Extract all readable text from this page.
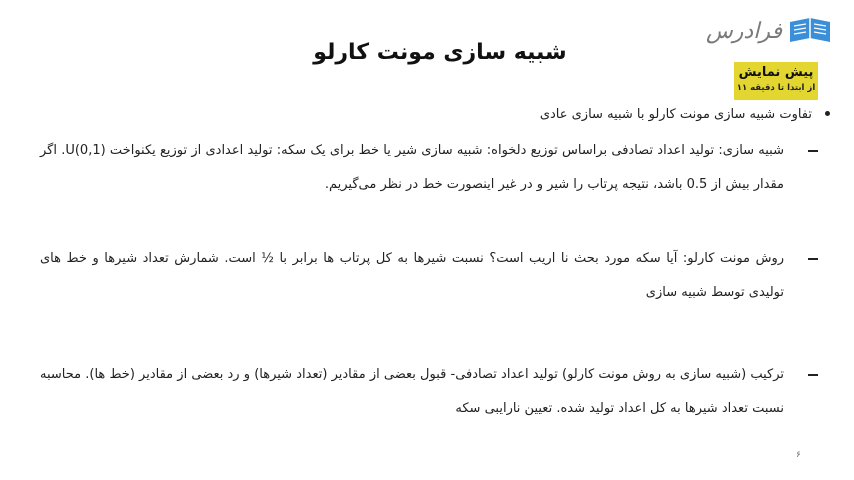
فرادرس
پیش نمایش
از ابتدا تا دقیقه ۱۱
شبیه سازی مونت کارلو
تفاوت شبیه سازی مونت کارلو با شبیه سازی عادی
شبیه سازی: تولید اعداد تصادفی براساس توزیع دلخواه: شبیه سازی شیر یا خط برای یک سکه: تولید اعدادی از توزیع یکنواخت U(0,1). اگر مقدار بیش از 0.5 باشد، نتیجه پرتاب را شیر و در غیر اینصورت خط در نظر می‌گیریم.
روش مونت کارلو: آیا سکه مورد بحث نا اریب است؟ نسبت شیرها به کل پرتاب ها برابر با ½ است. شمارش تعداد شیرها و خط های تولیدی توسط شبیه سازی
ترکیب (شبیه سازی به روش مونت کارلو) تولید اعداد تصادفی- قبول بعضی از مقادیر (تعداد شیرها) و رد بعضی از مقادیر (خط ها). محاسبه نسبت تعداد شیرها به کل اعداد تولید شده. تعیین نارایبی سکه
۶
